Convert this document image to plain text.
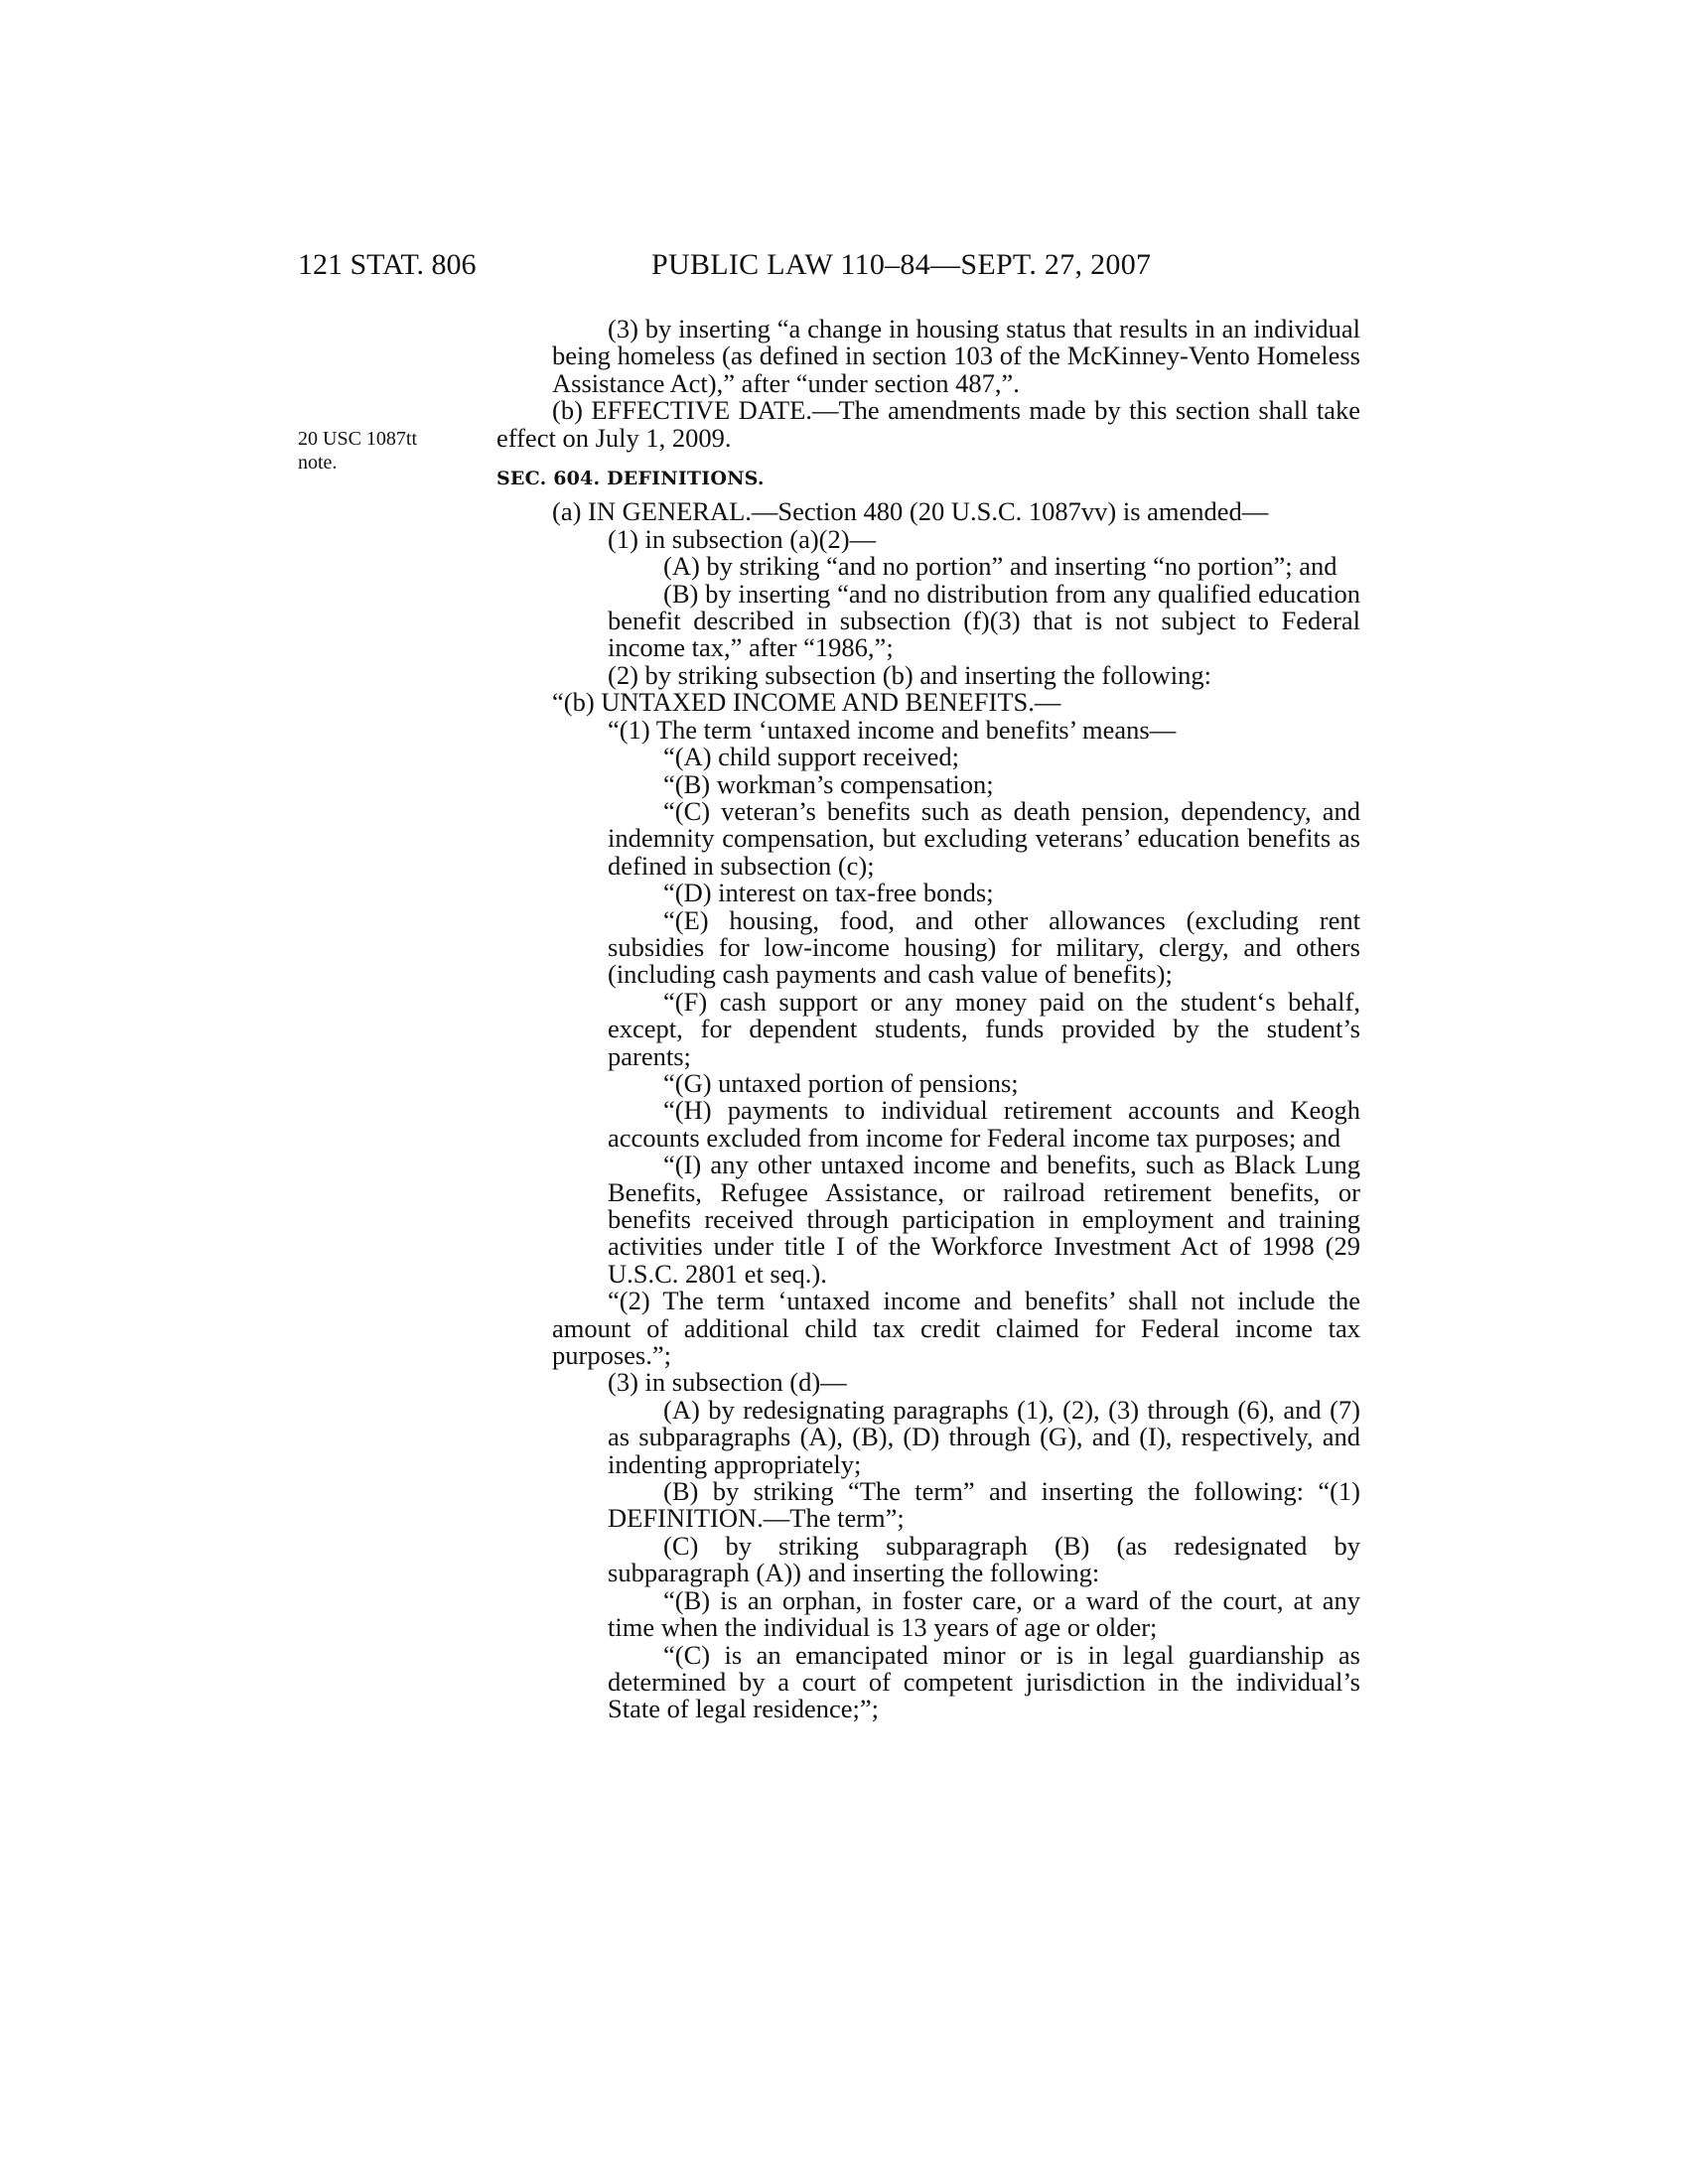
121 STAT. 806	PUBLIC LAW 110–84—SEPT. 27, 2007
20 USC 1087tt
note.

(3) by inserting “a change in housing status that results in an individual being homeless (as defined in section 103 of the McKinney-Vento Homeless Assistance Act),” after “under section 487,”.

(b) EFFECTIVE DATE.—The amendments made by this section shall take effect on July 1, 2009.

SEC. 604. DEFINITIONS.

(a) IN GENERAL.—Section 480 (20 U.S.C. 1087vv) is amended—

(1) in subsection (a)(2)—

(A) by striking “and no portion” and inserting “no portion”; and

(B) by inserting “and no distribution from any qualified education benefit described in subsection (f)(3) that is not subject to Federal income tax,” after “1986,”;

(2) by striking subsection (b) and inserting the following:

“(b) UNTAXED INCOME AND BENEFITS.—

“(1) The term ‘untaxed income and benefits’ means—

“(A) child support received;

“(B) workman’s compensation;

“(C) veteran’s benefits such as death pension, dependency, and indemnity compensation, but excluding veterans’ education benefits as defined in subsection (c);

“(D) interest on tax-free bonds;

“(E) housing, food, and other allowances (excluding rent subsidies for low-income housing) for military, clergy, and others (including cash payments and cash value of benefits);

“(F) cash support or any money paid on the student‘s behalf, except, for dependent students, funds provided by the student’s parents;

“(G) untaxed portion of pensions;

“(H) payments to individual retirement accounts and Keogh accounts excluded from income for Federal income tax purposes; and

“(I) any other untaxed income and benefits, such as Black Lung Benefits, Refugee Assistance, or railroad retirement benefits, or benefits received through participation in employment and training activities under title I of the Workforce Investment Act of 1998 (29 U.S.C. 2801 et seq.).

“(2) The term ‘untaxed income and benefits’ shall not include the amount of additional child tax credit claimed for Federal income tax purposes.”;

(3) in subsection (d)—

(A) by redesignating paragraphs (1), (2), (3) through (6), and (7) as subparagraphs (A), (B), (D) through (G), and (I), respectively, and indenting appropriately;

(B) by striking “The term” and inserting the following: “(1) DEFINITION.—The term”;

(C) by striking subparagraph (B) (as redesignated by subparagraph (A)) and inserting the following:

“(B) is an orphan, in foster care, or a ward of the court, at any time when the individual is 13 years of age or older;

“(C) is an emancipated minor or is in legal guardianship as determined by a court of competent jurisdiction in the individual’s State of legal residence;”;
